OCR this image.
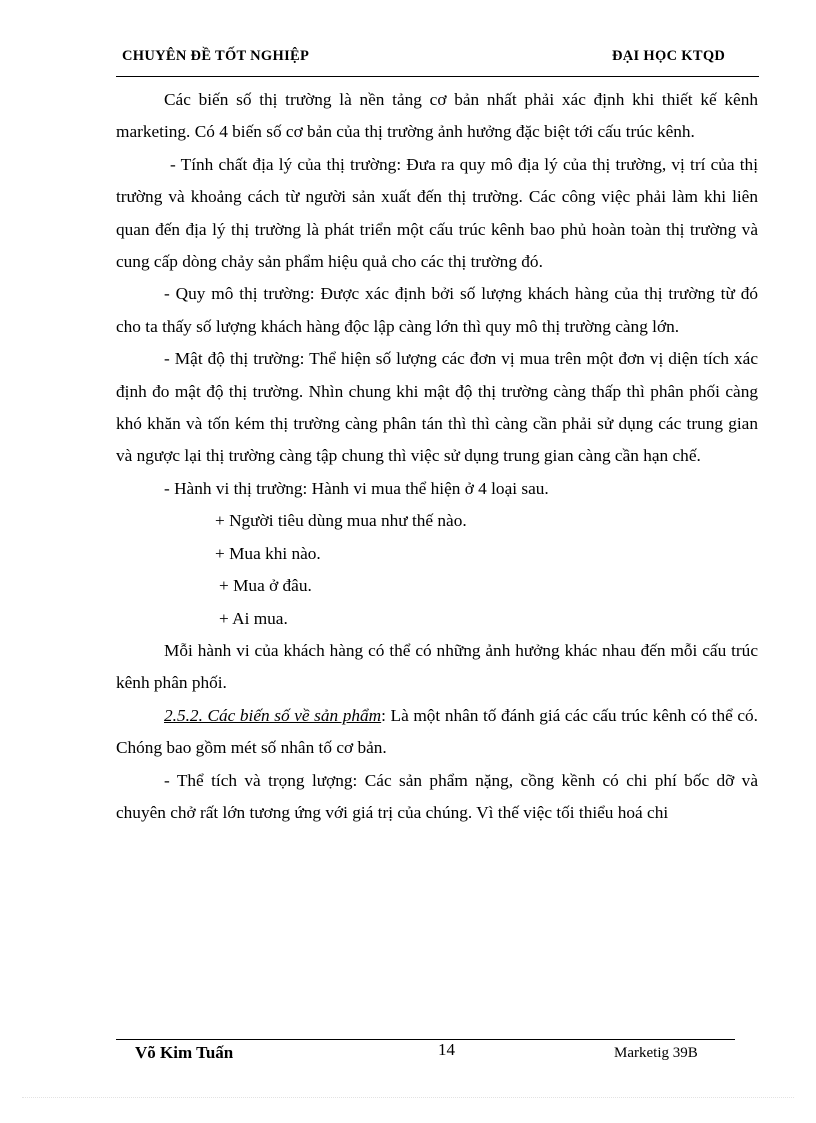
CHUYÊN ĐỀ TỐT NGHIỆP	ĐẠI HỌC KTQD

Các biến số thị trường là nền tảng cơ bản nhất phải xác định khi thiết kế kênh marketing. Có 4 biến số cơ bản của thị trường ảnh hưởng đặc biệt tới cấu trúc kênh.

- Tính chất địa lý của thị trường: Đưa ra quy mô địa lý của thị trường, vị trí của thị trường và khoảng cách từ người sản xuất đến thị trường. Các công việc phải làm khi liên quan đến địa lý thị trường là phát triển một cấu trúc kênh bao phủ hoàn toàn thị trường và cung cấp dòng chảy sản phẩm hiệu quả cho các thị trường đó.

- Quy mô thị trường: Được xác định bởi số lượng khách hàng của thị trường từ đó cho ta thấy số lượng khách hàng độc lập càng lớn thì quy mô thị trường càng lớn.

- Mật độ thị trường: Thể hiện số lượng các đơn vị mua trên một đơn vị diện tích xác định đo mật độ thị trường. Nhìn chung khi mật độ thị trường càng thấp thì phân phối càng khó khăn và tốn kém thị trường càng phân tán thì thì càng cần phải sử dụng các trung gian và ngược lại thị trường càng tập chung thì việc sử dụng trung gian càng cần hạn chế.

- Hành vi thị trường: Hành vi mua thể hiện ở 4 loại sau.

+ Người tiêu dùng mua như thế nào.

+ Mua khi nào.

+ Mua ở đâu.

+ Ai mua.

Mỗi hành vi của khách hàng có thể có những ảnh hưởng khác nhau đến mỗi cấu trúc kênh phân phối.

2.5.2. Các biến số về sản phẩm: Là một nhân tố đánh giá các cấu trúc kênh có thể có. Chóng bao gồm mét số nhân tố cơ bản.

- Thể tích và trọng lượng: Các sản phẩm nặng, cồng kềnh có chi phí bốc dỡ và chuyên chở rất lớn tương ứng với giá trị của chúng. Vì thế việc tối thiểu hoá chi

Võ Kim Tuấn	14	Marketig 39B
